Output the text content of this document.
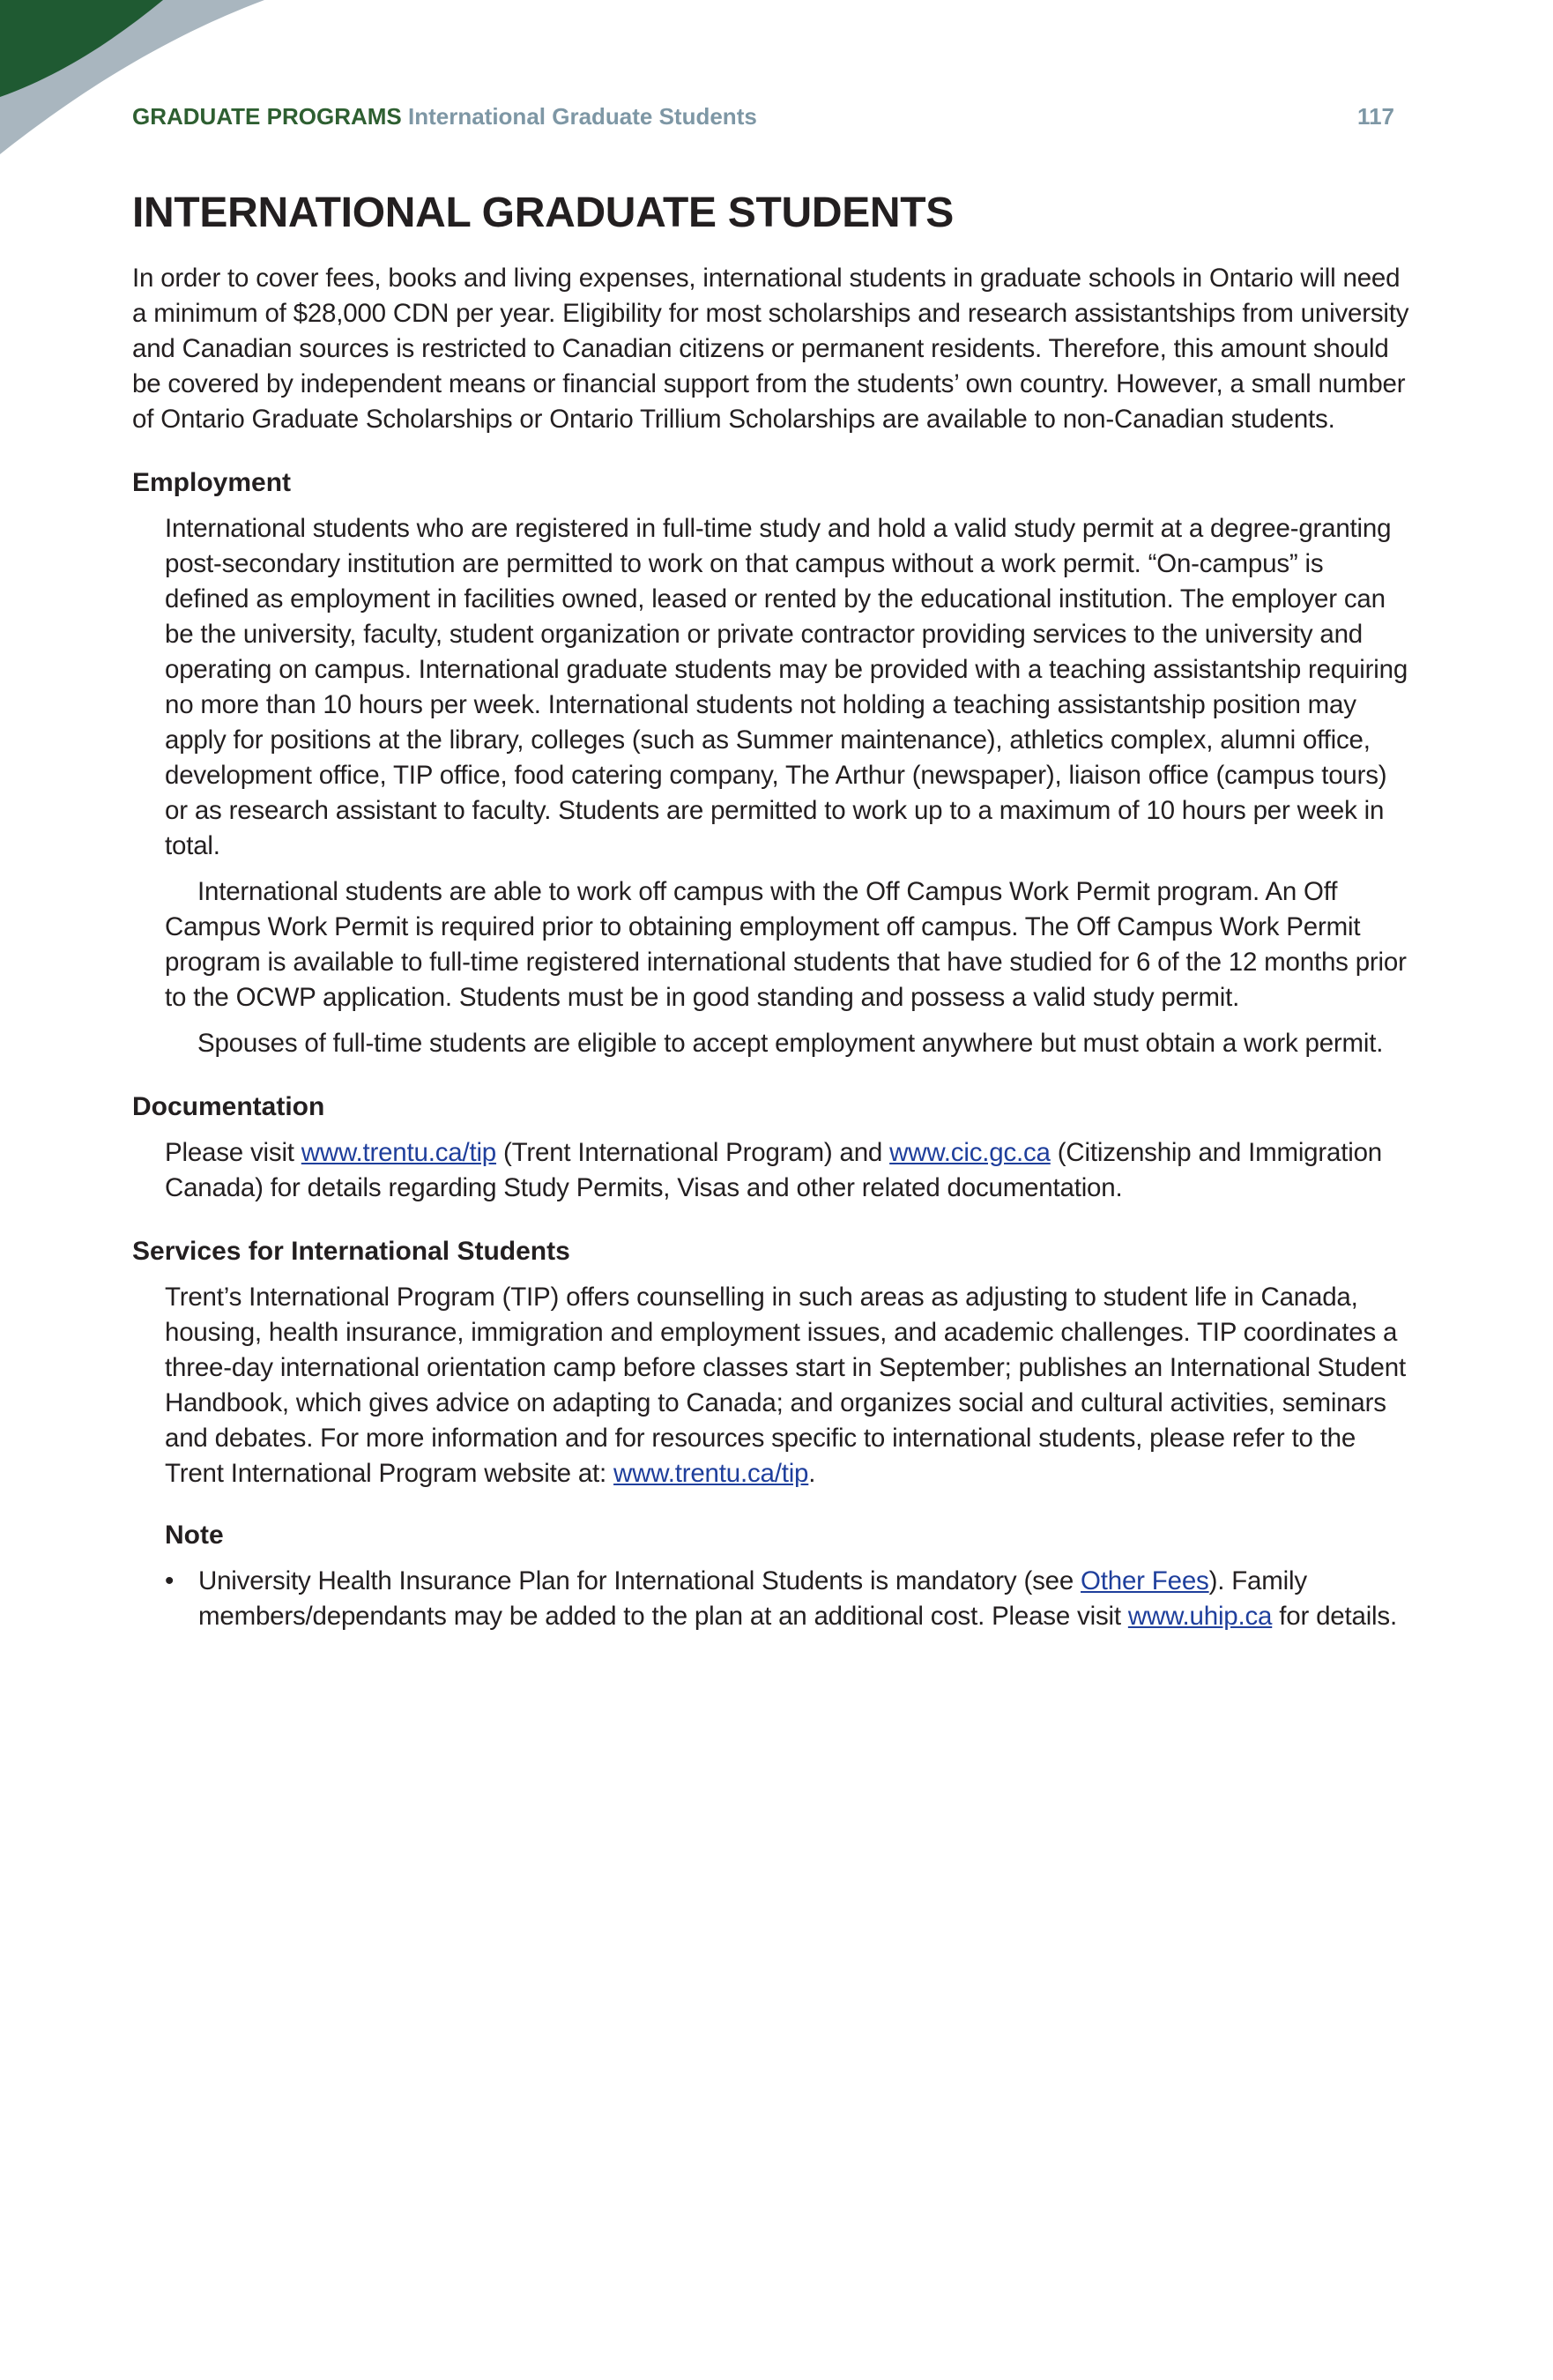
GRADUATE PROGRAMS International Graduate Students	117
INTERNATIONAL GRADUATE STUDENTS

In order to cover fees, books and living expenses, international students in graduate schools in Ontario will need a minimum of $28,000 CDN per year. Eligibility for most scholarships and research assistantships from university and Canadian sources is restricted to Canadian citizens or permanent residents. Therefore, this amount should be covered by independent means or financial support from the students’ own country. However, a small number of Ontario Graduate Scholarships or Ontario Trillium Scholarships are available to non-Canadian students.

Employment

International students who are registered in full-time study and hold a valid study permit at a degree-granting post-secondary institution are permitted to work on that campus without a work permit. “On-campus” is defined as employment in facilities owned, leased or rented by the educational institution. The employer can be the university, faculty, student organization or private contractor providing services to the university and operating on campus. International graduate students may be provided with a teaching assistantship requiring no more than 10 hours per week. International students not holding a teaching assistantship position may apply for positions at the library, colleges (such as Summer maintenance), athletics complex, alumni office, development office, TIP office, food catering company, The Arthur (newspaper), liaison office (campus tours) or as research assistant to faculty. Students are permitted to work up to a maximum of 10 hours per week in total.

International students are able to work off campus with the Off Campus Work Permit program. An Off Campus Work Permit is required prior to obtaining employment off campus. The Off Campus Work Permit program is available to full-time registered international students that have studied for 6 of the 12 months prior to the OCWP application. Students must be in good standing and possess a valid study permit.

Spouses of full-time students are eligible to accept employment anywhere but must obtain a work permit.

Documentation

Please visit www.trentu.ca/tip (Trent International Program) and www.cic.gc.ca (Citizenship and Immigration Canada) for details regarding Study Permits, Visas and other related documentation.

Services for International Students

Trent’s International Program (TIP) offers counselling in such areas as adjusting to student life in Canada, housing, health insurance, immigration and employment issues, and academic challenges. TIP coordinates a three-day international orientation camp before classes start in September; publishes an International Student Handbook, which gives advice on adapting to Canada; and organizes social and cultural activities, seminars and debates. For more information and for resources specific to international students, please refer to the Trent International Program website at: www.trentu.ca/tip.

Note
• University Health Insurance Plan for International Students is mandatory (see Other Fees). Family members/dependants may be added to the plan at an additional cost. Please visit www.uhip.ca for details.
